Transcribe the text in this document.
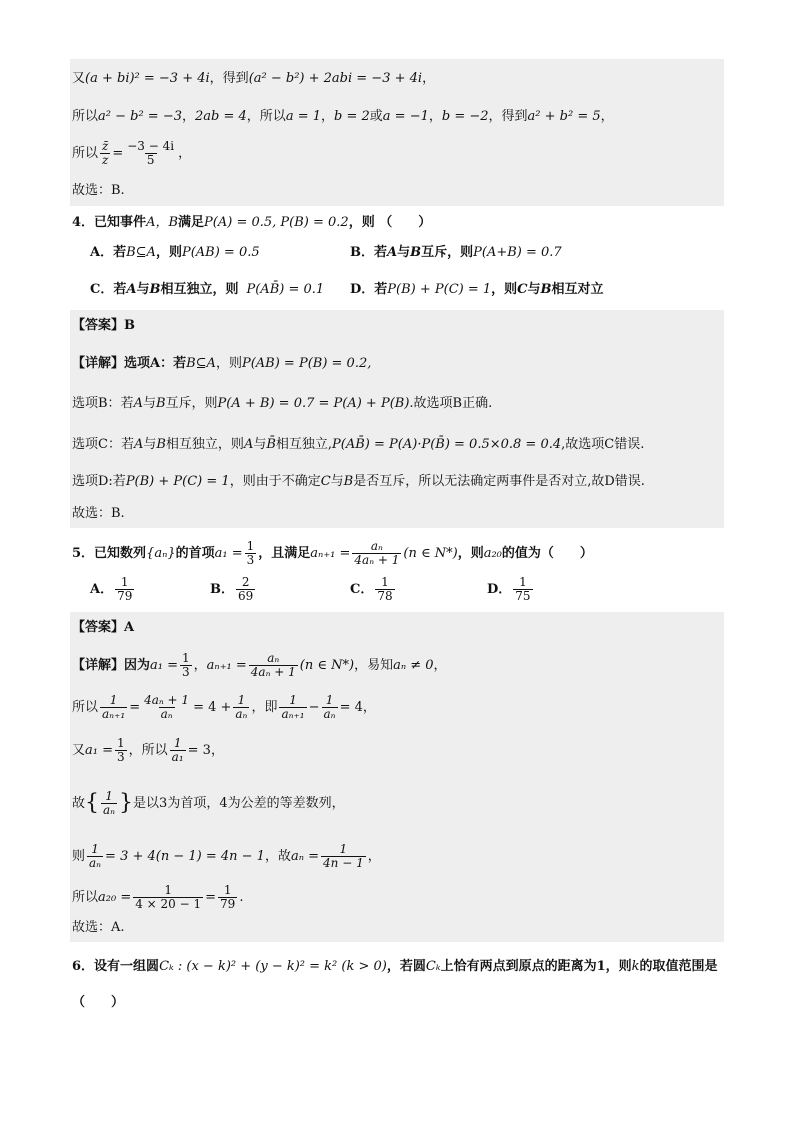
又(a + bi)² = −3 + 4i，得到(a² − b²) + 2abi = −3 + 4i，
所以a² − b² = −3，2ab = 4，所以a = 1，b = 2或a = −1，b = −2，得到a² + b² = 5，
所以 $\frac{z̄}{z} = \frac{-3 - 4i}{5}$ ，
故选：B.
4．已知事件A，B满足P(A) = 0.5, P(B) = 0.2，则 （　　）
A．若B⊆A，则P(AB) = 0.5	B．若A与B互斥，则P(A+B) = 0.7
C．若A与B相互独立，则 P(AB̄) = 0.1 D．若P(B) + P(C) = 1，则C与B相互对立
【答案】B
【详解】选项A：若B⊆A，则P(AB) = P(B) = 0.2,
选项B：若A与B互斥，则P(A + B) = 0.7 = P(A) + P(B).故选项B正确.
选项C：若A与B相互独立，则A与B̄相互独立,P(AB̄) = P(A)·P(B̄) = 0.5×0.8 = 0.4,故选项C错误.
选项D:若P(B) + P(C) = 1，则由于不确定C与B是否互斥，所以无法确定两事件是否对立,故D错误.
故选：B.
5．已知数列{aₙ}的首项$a_1 = \frac{1}{3}$ ，且满足$a_{n+1} = \frac{\text{aₙ}}{\text{4aₙ + 1}} (n$ ∈ N*)，则a₂₀的值为（　　）
A． $\frac{1}{79}$	B． $\frac{2}{69}$	C． $\frac{1}{78}$	D． $\frac{1}{75}$
【答案】A
【详解】因为$a_1 = \frac{1}{3}$ ，$a_{n+1} = \frac{\text{aₙ}}{\text{4aₙ + 1}} (n$ ∈ N*)，易知aₙ ≠ 0，
所以 $\frac{1}{\text{aₙ₊₁}} = \frac{\text{4aₙ + 1}}{\text{aₙ}} = 4 + \frac{1}{\text{aₙ}}$ ，即 $\frac{1}{\text{aₙ₊₁}} - \frac{1}{\text{aₙ}} = 4$，
又$a_1 = \frac{1}{3}$ ，所以 $\frac{1}{\text{a₁}} = 3$，
故{ $\frac{1}{\text{aₙ}}$ }是以3为首项，4为公差的等差数列，
则 $\frac{1}{\text{aₙ}} = 3 + 4(n - 1) = 4n - 1$，故$a_n = \frac{1}{4n - 1}$ ，
所以$a_{20} = \frac{1}{4 \times 20 - 1} = \frac{1}{79}$ .
故选：A.
6．设有一组圆Cₖ : (x − k)² + (y − k)² = k² (k > 0)，若圆Cₖ上恰有两点到原点的距离为1，则k的取值范围是
（　　）
